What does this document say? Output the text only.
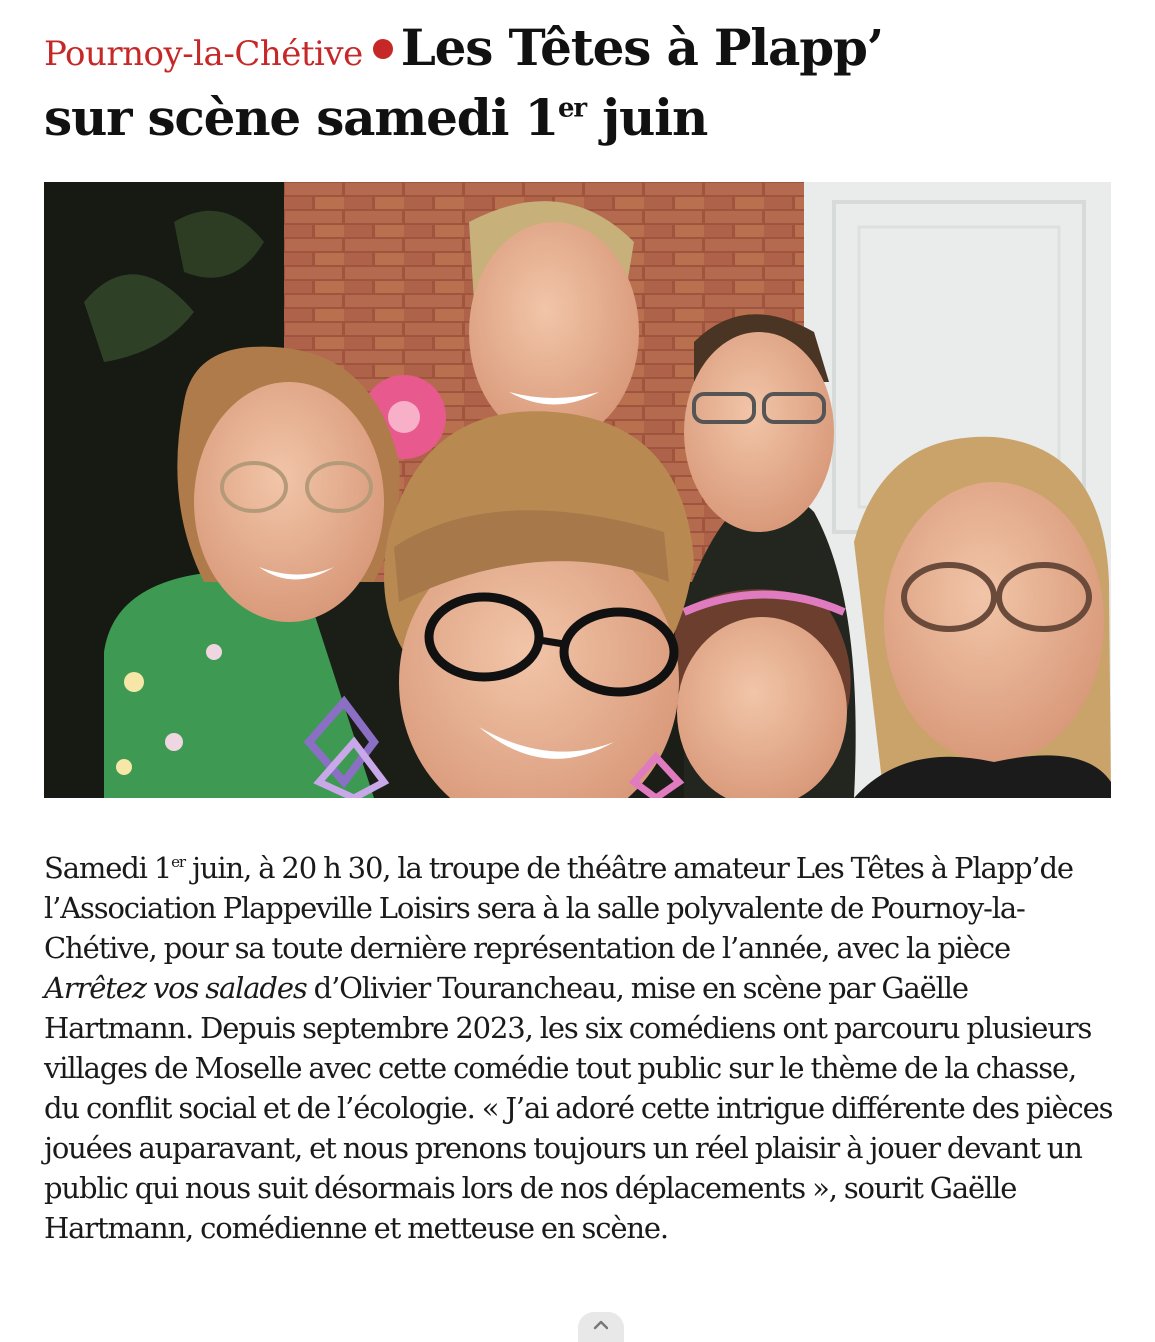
Pournoy-la-Chétive Les Têtes à Plapp’
sur scène samedi 1er juin

Samedi 1er juin, à 20 h 30, la troupe de théâtre amateur Les Têtes à Plapp’de l’Association Plappeville Loisirs sera à la salle polyvalente de Pournoy-la-Chétive, pour sa toute dernière représentation de l’année, avec la pièce Arrêtez vos salades d’Olivier Tourancheau, mise en scène par Gaëlle Hartmann. Depuis septembre 2023, les six comédiens ont parcouru plusieurs villages de Moselle avec cette comédie tout public sur le thème de la chasse, du conflit social et de l’écologie. « J’ai adoré cette intrigue différente des pièces jouées auparavant, et nous prenons toujours un réel plaisir à jouer devant un public qui nous suit désormais lors de nos déplacements », sourit Gaëlle Hartmann, comédienne et metteuse en scène.
